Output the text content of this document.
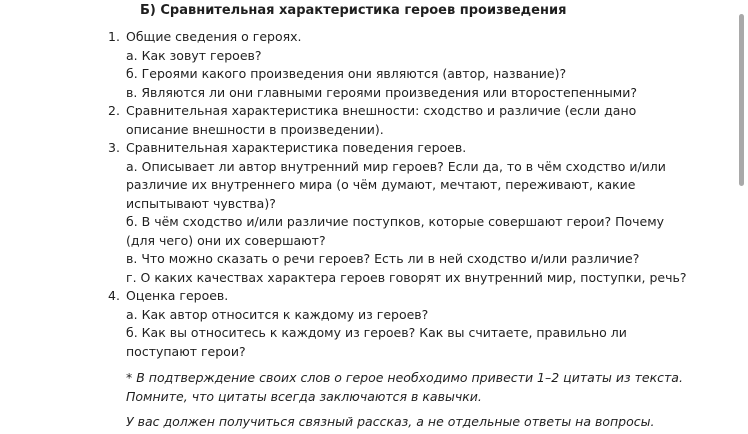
Б) Сравнительная характеристика героев произведения
1. Общие сведения о героях.
а. Как зовут героев?
б. Героями какого произведения они являются (автор, название)?
в. Являются ли они главными героями произведения или второстепенными?
2. Сравнительная характеристика внешности: сходство и различие (если дано
описание внешности в произведении).
3. Сравнительная характеристика поведения героев.
а. Описывает ли автор внутренний мир героев? Если да, то в чём сходство и/или
различие их внутреннего мира (о чём думают, мечтают, переживают, какие
испытывают чувства)?
б. В чём сходство и/или различие поступков, которые совершают герои? Почему
(для чего) они их совершают?
в. Что можно сказать о речи героев? Есть ли в ней сходство и/или различие?
г. О каких качествах характера героев говорят их внутренний мир, поступки, речь?
4. Оценка героев.
а. Как автор относится к каждому из героев?
б. Как вы относитесь к каждому из героев? Как вы считаете, правильно ли
поступают герои?
* В подтверждение своих слов о герое необходимо привести 1–2 цитаты из текста.
Помните, что цитаты всегда заключаются в кавычки.
У вас должен получиться связный рассказ, а не отдельные ответы на вопросы.
